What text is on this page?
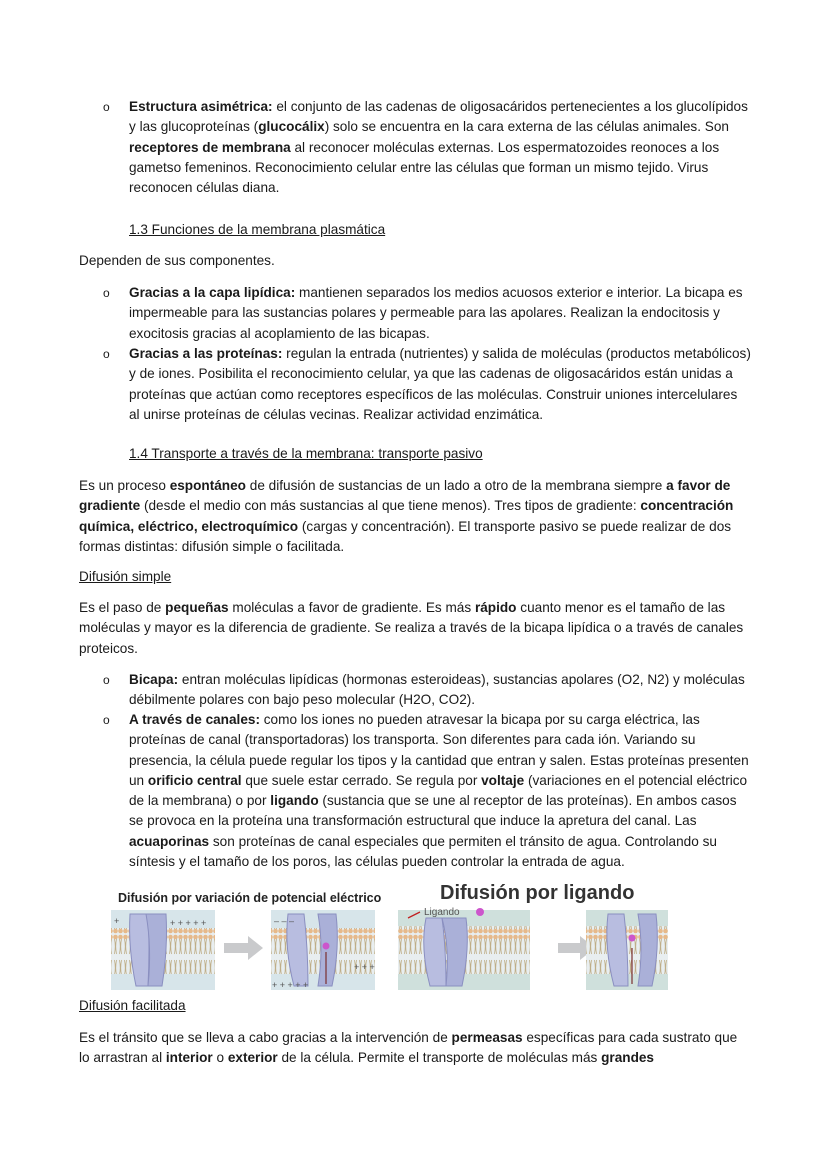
o Estructura asimétrica: el conjunto de las cadenas de oligosacáridos pertenecientes a los glucolípidos y las glucoproteínas (glucocálix) solo se encuentra en la cara externa de las células animales. Son receptores de membrana al reconocer moléculas externas. Los espermatozoides reonoces a los gametso femeninos. Reconocimiento celular entre las células que forman un mismo tejido. Virus reconocen células diana.

1.3 Funciones de la membrana plasmática

Dependen de sus componentes.

o Gracias a la capa lipídica: mantienen separados los medios acuosos exterior e interior. La bicapa es impermeable para las sustancias polares y permeable para las apolares. Realizan la endocitosis y exocitosis gracias al acoplamiento de las bicapas.

o Gracias a las proteínas: regulan la entrada (nutrientes) y salida de moléculas (productos metabólicos) y de iones. Posibilita el reconocimiento celular, ya que las cadenas de oligosacáridos están unidas a proteínas que actúan como receptores específicos de las moléculas. Construir uniones intercelulares al unirse proteínas de células vecinas. Realizar actividad enzimática.

1.4 Transporte a través de la membrana: transporte pasivo

Es un proceso espontáneo de difusión de sustancias de un lado a otro de la membrana siempre a favor de gradiente (desde el medio con más sustancias al que tiene menos). Tres tipos de gradiente: concentración química, eléctrico, electroquímico (cargas y concentración). El transporte pasivo se puede realizar de dos formas distintas: difusión simple o facilitada.

Difusión simple

Es el paso de pequeñas moléculas a favor de gradiente. Es más rápido cuanto menor es el tamaño de las moléculas y mayor es la diferencia de gradiente. Se realiza a través de la bicapa lipídica o a través de canales proteicos.

o Bicapa: entran moléculas lipídicas (hormonas esteroideas), sustancias apolares (O2, N2) y moléculas débilmente polares con bajo peso molecular (H2O, CO2).

o A través de canales: como los iones no pueden atravesar la bicapa por su carga eléctrica, las proteínas de canal (transportadoras) los transporta. Son diferentes para cada ión. Variando su presencia, la célula puede regular los tipos y la cantidad que entran y salen. Estas proteínas presenten un orificio central que suele estar cerrado. Se regula por voltaje (variaciones en el potencial eléctrico de la membrana) o por ligando (sustancia que se une al receptor de las proteínas). En ambos casos se provoca en la proteína una transformación estructural que induce la apretura del canal. Las acuaporinas son proteínas de canal especiales que permiten el tránsito de agua. Controlando su síntesis y el tamaño de los poros, las células pueden controlar la entrada de agua.

Difusión por variación de potencial eléctrico	Difusión por ligando
+ + + + +
+
+ + + + +
+ + +
– – –
Ligando

Difusión facilitada

Es el tránsito que se lleva a cabo gracias a la intervención de permeasas específicas para cada sustrato que lo arrastran al interior o exterior de la célula. Permite el transporte de moléculas más grandes
